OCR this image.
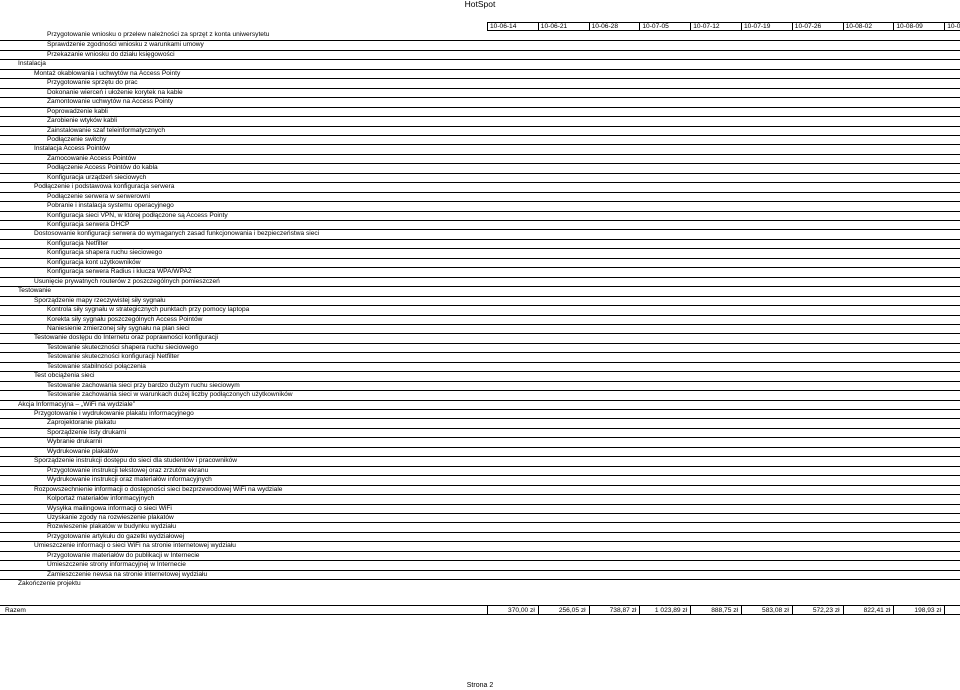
HotSpot
10-06-14	10-06-21	10-06-28	10-07-05	10-07-12	10-07-19	10-07-26	10-08-02	10-08-09	10-0
Przygotowanie wniosku o przelew należności za sprzęt z konta uniwersytetu
Sprawdzenie zgodności wniosku z warunkami umowy
Przekazanie wniosku do działu księgowości
Instalacja
Montaż okablowania i uchwytów na Access Pointy
Przygotowanie sprzętu do prac
Dokonanie wierceń i ułożenie korytek na kable
Zamontowanie uchwytów na Access Pointy
Poprowadzenie kabli
Zarobienie wtyków kabli
Zainstalowanie szaf teleinformatycznych
Podłączenie switchy
Instalacja Access Pointów
Zamocowanie Access Pointów
Podłączenie Access Pointów do kabla
Konfiguracja urządzeń sieciowych
Podłączenie i podstawowa konfiguracja serwera
Podłączenie serwera w serwerowni
Pobranie i instalacja systemu operacyjnego
Konfiguracja sieci VPN, w której podłączone są Access Pointy
Konfiguracja serwera DHCP
Dostosowanie konfiguracji serwera do wymaganych zasad funkcjonowania i bezpieczeństwa sieci
Konfiguracja Netfilter
Konfiguracja shapera ruchu sieciowego
Konfiguracja kont użytkowników
Konfiguracja serwera Radius i klucza WPA/WPA2
Usunięcie prywatnych routerów z poszczególnych pomieszczeń
Testowanie
Sporządzenie mapy rzeczywistej siły sygnału
Kontrola siły sygnału w strategicznych punktach przy pomocy laptopa
Korekta siły sygnału poszczególnych Access Pointów
Naniesienie zmierzonej siły sygnału na plan sieci
Testowanie dostępu do Internetu oraz poprawności konfiguracji
Testowanie skuteczności shapera ruchu sieciowego
Testowanie skuteczności konfiguracji Netfilter
Testowanie stabilności połączenia
Test obciążenia sieci
Testowanie zachowania sieci przy bardzo dużym ruchu sieciowym
Testowanie zachowania sieci w warunkach dużej liczby podłączonych użytkowników
Akcja Informacyjna – „WiFi na wydziale”
Przygotowanie i wydrukowanie plakatu informacyjnego
Zaprojektoranie plakatu
Sporządzenie listy drukarni
Wybranie drukarnii
Wydrukowanie plakatów
Sporządzenie instrukcji dostępu do sieci dla studentów i pracowników
Przygotowanie instrukcji tekstowej oraz zrzutów ekranu
Wydrukowanie instrukcji oraz materiałów informacyjnych
Rozpowszechnienie informacji o dostępności sieci bezprzewodowej WiFi na wydziale
Kolportaż materiałów informacyjnych
Wysyłka mailingowa informacji o sieci WiFi
Uzyskanie zgody na rozwieszenie plakatów
Rozwieszenie plakatów w budynku wydziału
Przygotowanie artykułu do gazetki wydziałowej
Umieszczenie informacji o sieci WiFi na stronie internetowej wydziału
Przygotowanie materiałów do publikacji w Internecie
Umieszczenie strony informacyjnej w Internecie
Zamieszczenie newsa na stronie internetowej wydziału
Zakończenie projektu
Razem	370,00 zł	256,05 zł	738,87 zł	1 023,89 zł	888,75 zł	583,08 zł	572,23 zł	822,41 zł	198,93 zł
Strona 2
